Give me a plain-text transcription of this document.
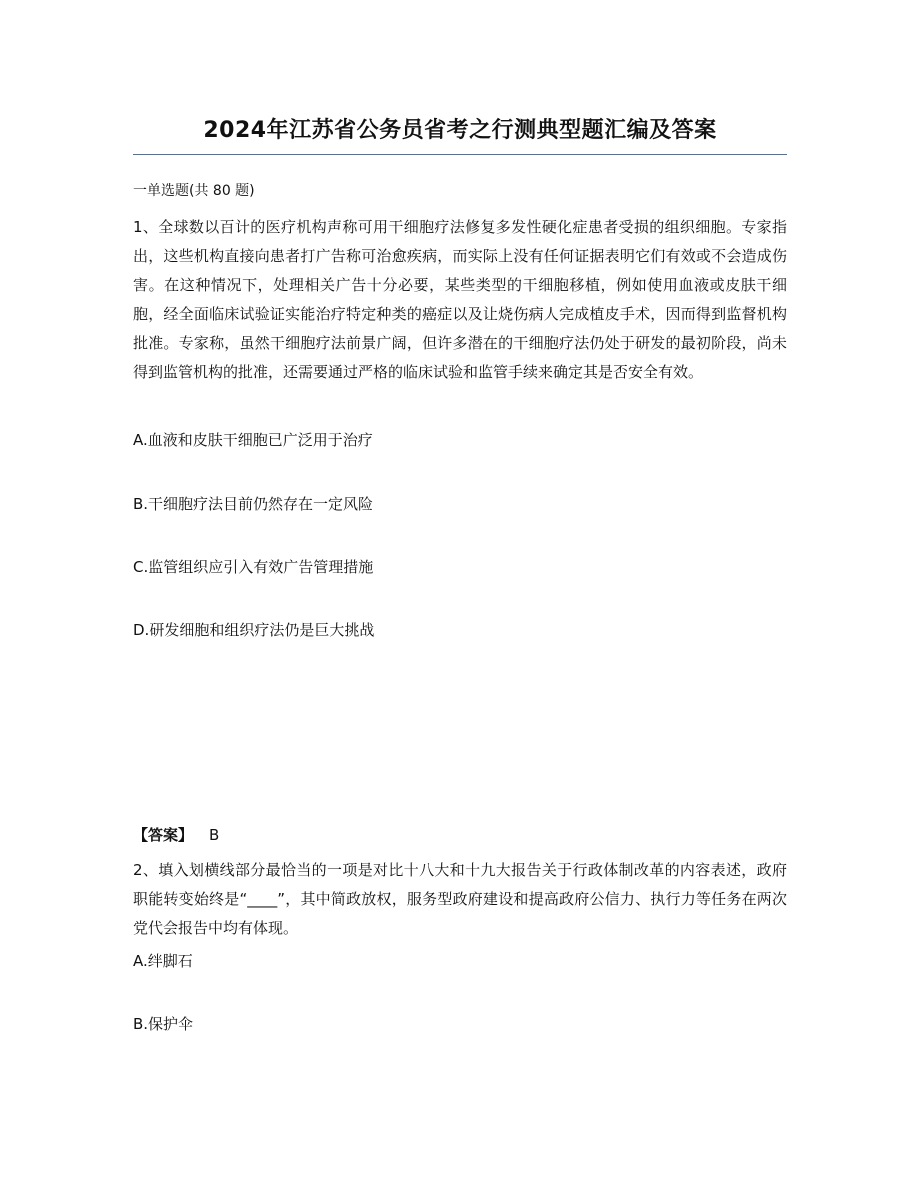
2024年江苏省公务员省考之行测典型题汇编及答案
一单选题(共 80 题)

1、全球数以百计的医疗机构声称可用干细胞疗法修复多发性硬化症患者受损的组织细胞。专家指出，这些机构直接向患者打广告称可治愈疾病，而实际上没有任何证据表明它们有效或不会造成伤害。在这种情况下，处理相关广告十分必要，某些类型的干细胞移植，例如使用血液或皮肤干细胞，经全面临床试验证实能治疗特定种类的癌症以及让烧伤病人完成植皮手术，因而得到监督机构批准。专家称，虽然干细胞疗法前景广阔，但许多潜在的干细胞疗法仍处于研发的最初阶段，尚未得到监管机构的批准，还需要通过严格的临床试验和监管手续来确定其是否安全有效。

A.血液和皮肤干细胞已广泛用于治疗
B.干细胞疗法目前仍然存在一定风险
C.监管组织应引入有效广告管理措施
D.研发细胞和组织疗法仍是巨大挑战
【答案】 B

2、填入划横线部分最恰当的一项是对比十八大和十九大报告关于行政体制改革的内容表述，政府职能转变始终是“____”，其中简政放权，服务型政府建设和提高政府公信力、执行力等任务在两次党代会报告中均有体现。

A.绊脚石
B.保护伞
